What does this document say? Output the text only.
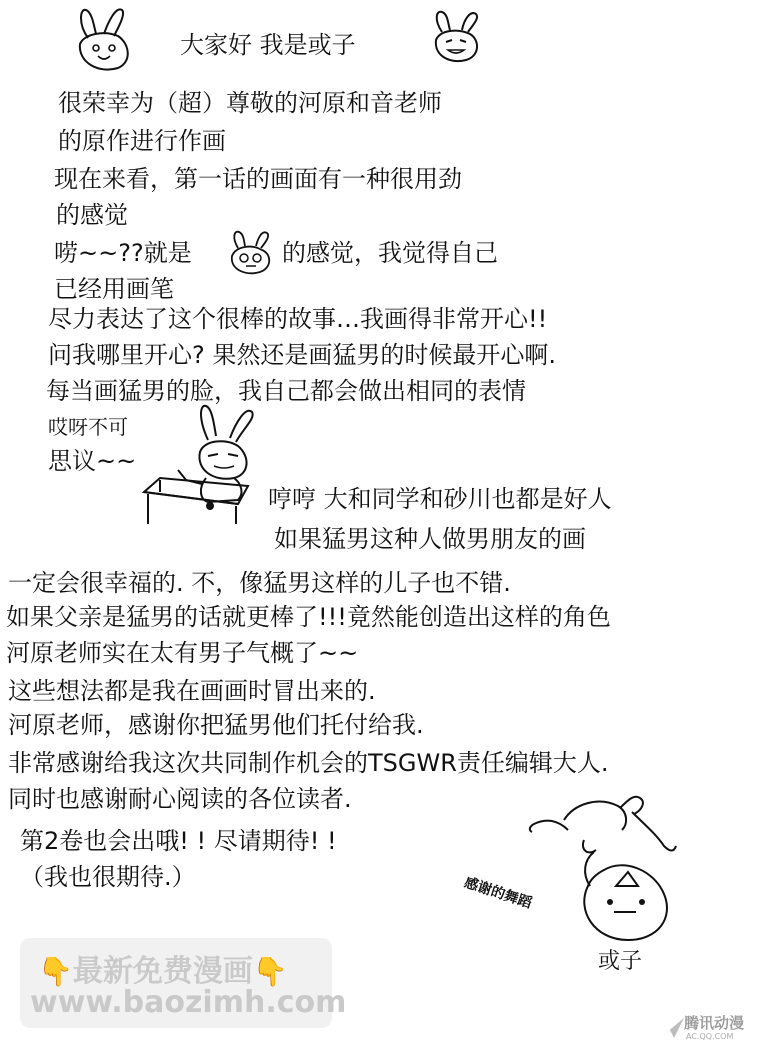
大家好 我是或子
很荣幸为（超）尊敬的河原和音老师
的原作进行作画
现在来看，第一话的画面有一种很用劲
的感觉
唠~~??就是	的感觉，我觉得自己
已经用画笔
尽力表达了这个很棒的故事…我画得非常开心!!
问我哪里开心? 果然还是画猛男的时候最开心啊.
每当画猛男的脸，我自己都会做出相同的表情
哎呀不可
思议~~
哼哼 大和同学和砂川也都是好人
如果猛男这种人做男朋友的画
一定会很幸福的. 不，像猛男这样的儿子也不错.
如果父亲是猛男的话就更棒了!!!竟然能创造出这样的角色
河原老师实在太有男子气概了~~
这些想法都是我在画画时冒出来的.
河原老师，感谢你把猛男他们托付给我.
非常感谢给我这次共同制作机会的TSGWR责任编辑大人.
同时也感谢耐心阅读的各位读者.
第2卷也会出哦! ! 尽请期待! !
（我也很期待.）	感谢的舞蹈
或子
👇最新免费漫画👇
www.baozimh.com
腾讯动漫
AC.QQ.COM
